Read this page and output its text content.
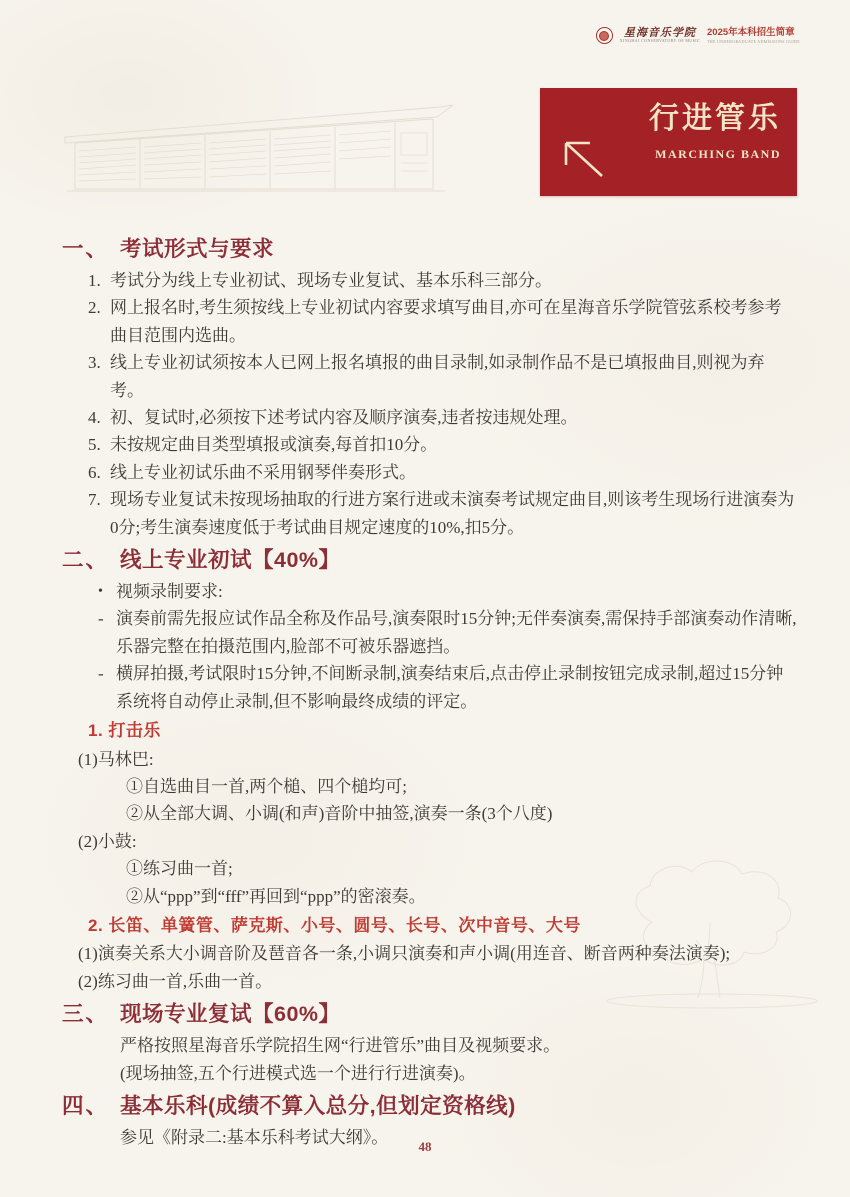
星海音乐学院
XINGHAI CONSERVATORY OF MUSIC
2025年本科招生简章
THE UNDERGRADUATE ADMISSIONS GUIDE
行进管乐
MARCHING BAND
一、 考试形式与要求
1. 考试分为线上专业初试、现场专业复试、基本乐科三部分。
2. 网上报名时,考生须按线上专业初试内容要求填写曲目,亦可在星海音乐学院管弦系校考参考曲目范围内选曲。
3. 线上专业初试须按本人已网上报名填报的曲目录制,如录制作品不是已填报曲目,则视为弃考。
4. 初、复试时,必须按下述考试内容及顺序演奏,违者按违规处理。
5. 未按规定曲目类型填报或演奏,每首扣10分。
6. 线上专业初试乐曲不采用钢琴伴奏形式。
7. 现场专业复试未按现场抽取的行进方案行进或未演奏考试规定曲目,则该考生现场行进演奏为0分;考生演奏速度低于考试曲目规定速度的10%,扣5分。
二、 线上专业初试【40%】
• 视频录制要求:
- 演奏前需先报应试作品全称及作品号,演奏限时15分钟;无伴奏演奏,需保持手部演奏动作清晰,乐器完整在拍摄范围内,脸部不可被乐器遮挡。
- 横屏拍摄,考试限时15分钟,不间断录制,演奏结束后,点击停止录制按钮完成录制,超过15分钟系统将自动停止录制,但不影响最终成绩的评定。
1. 打击乐
(1)马林巴:
①自选曲目一首,两个槌、四个槌均可;
②从全部大调、小调(和声)音阶中抽签,演奏一条(3个八度)
(2)小鼓:
①练习曲一首;
②从“ppp”到“fff”再回到“ppp”的密滚奏。
2. 长笛、单簧管、萨克斯、小号、圆号、长号、次中音号、大号
(1)演奏关系大小调音阶及琶音各一条,小调只演奏和声小调(用连音、断音两种奏法演奏);
(2)练习曲一首,乐曲一首。
三、 现场专业复试【60%】
严格按照星海音乐学院招生网“行进管乐”曲目及视频要求。
(现场抽签,五个行进模式选一个进行行进演奏)。
四、 基本乐科(成绩不算入总分,但划定资格线)
参见《附录二:基本乐科考试大纲》。	48
